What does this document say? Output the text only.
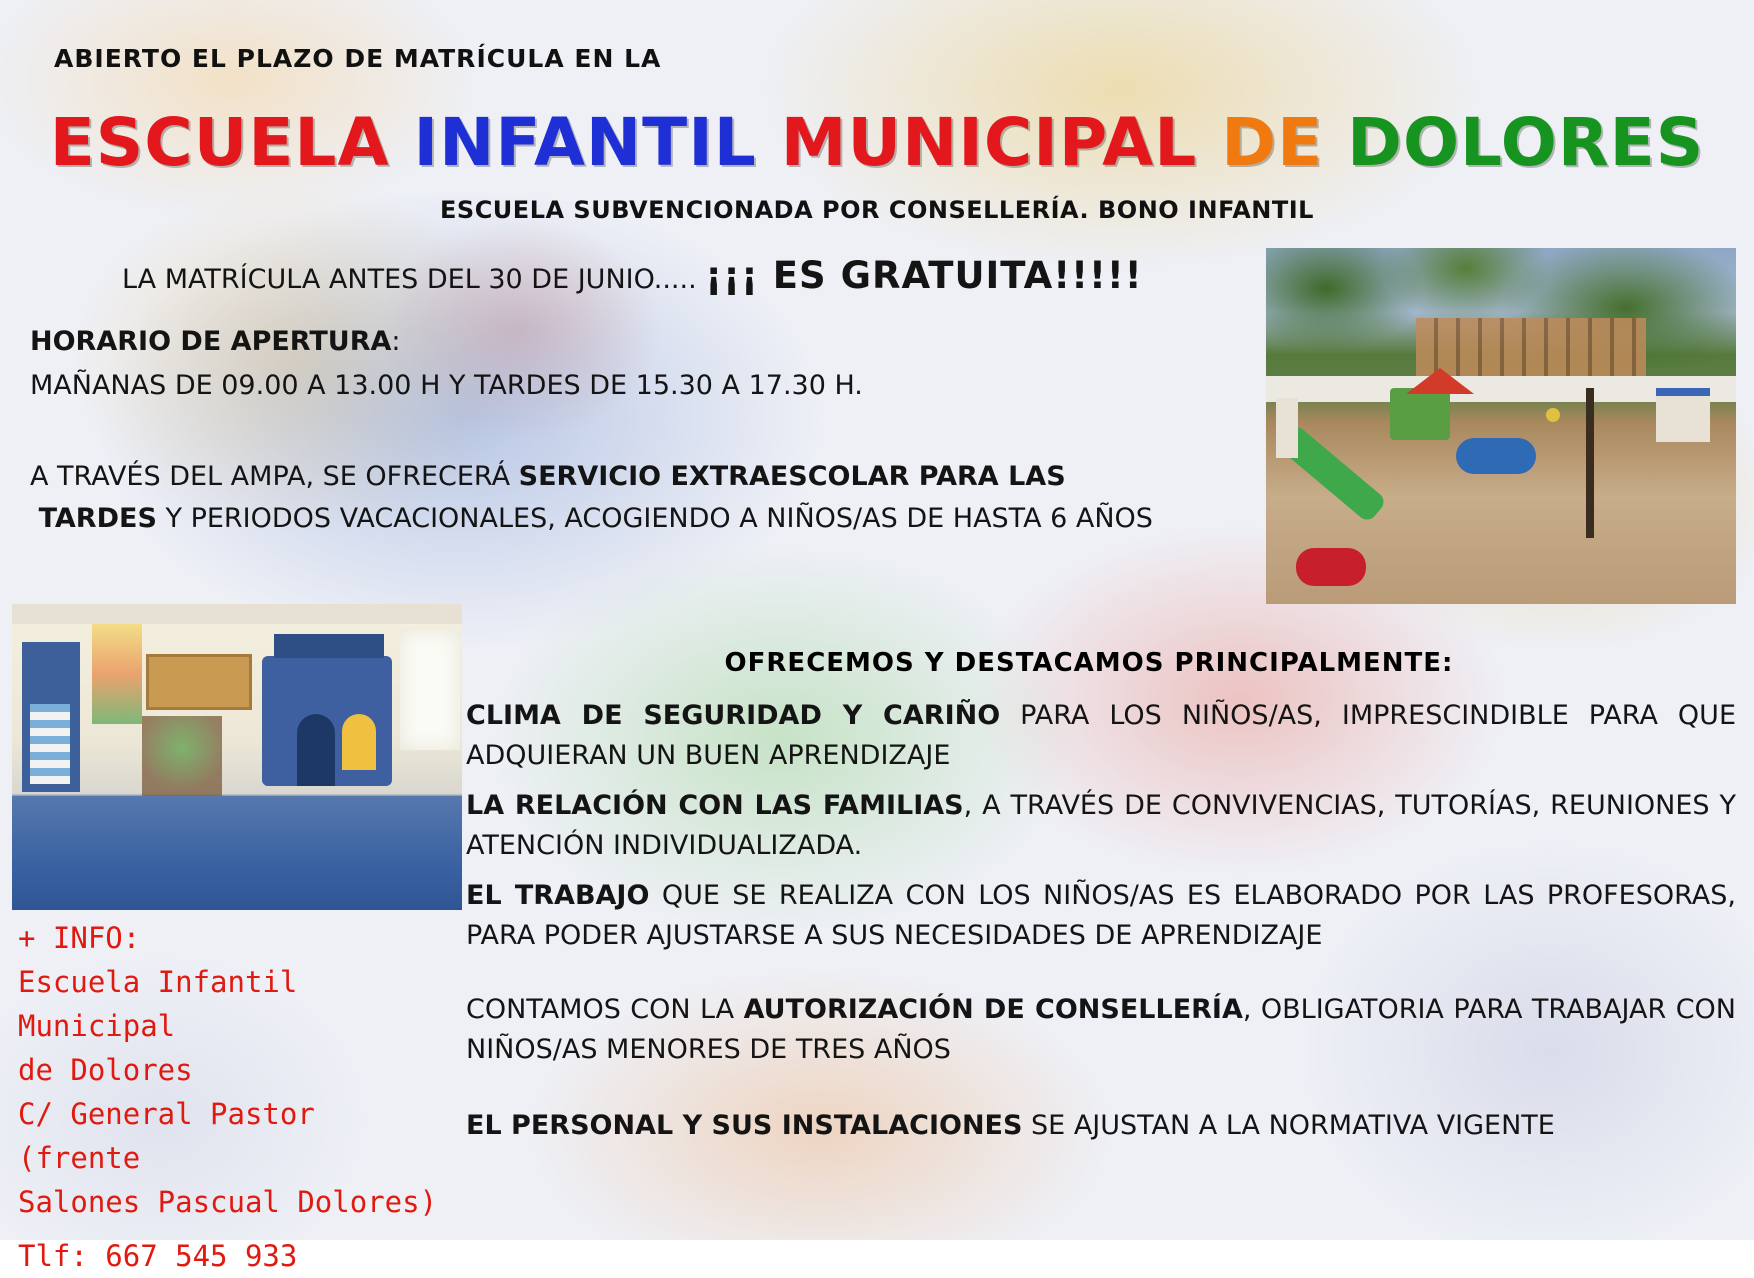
ABIERTO EL PLAZO DE MATRÍCULA EN LA
ESCUELA INFANTIL MUNICIPAL DE DOLORES
ESCUELA SUBVENCIONADA POR CONSELLERÍA. BONO INFANTIL
LA MATRÍCULA ANTES DEL 30 DE JUNIO..... ¡¡¡ ES GRATUITA!!!!!
HORARIO DE APERTURA:
MAÑANAS DE 09.00 A 13.00 H Y TARDES DE 15.30 A 17.30 H.
A TRAVÉS DEL AMPA, SE OFRECERÁ SERVICIO EXTRAESCOLAR PARA LAS
TARDES Y PERIODOS VACACIONALES, ACOGIENDO A NIÑOS/AS DE HASTA 6 AÑOS
OFRECEMOS Y DESTACAMOS PRINCIPALMENTE:
CLIMA DE SEGURIDAD Y CARIÑO PARA LOS NIÑOS/AS, IMPRESCINDIBLE PARA QUE ADQUIERAN UN BUEN APRENDIZAJE
LA RELACIÓN CON LAS FAMILIAS, A TRAVÉS DE CONVIVENCIAS, TUTORÍAS, REUNIONES Y ATENCIÓN INDIVIDUALIZADA.
EL TRABAJO QUE SE REALIZA CON LOS NIÑOS/AS ES ELABORADO POR LAS PROFESORAS, PARA PODER AJUSTARSE A SUS NECESIDADES DE APRENDIZAJE
CONTAMOS CON LA AUTORIZACIÓN DE CONSELLERÍA, OBLIGATORIA PARA TRABAJAR CON NIÑOS/AS MENORES DE TRES AÑOS
EL PERSONAL Y SUS INSTALACIONES SE AJUSTAN A LA NORMATIVA VIGENTE
+ INFO:
Escuela Infantil Municipal
de Dolores
C/ General Pastor (frente
Salones Pascual Dolores)
Tlf: 667 545 933
